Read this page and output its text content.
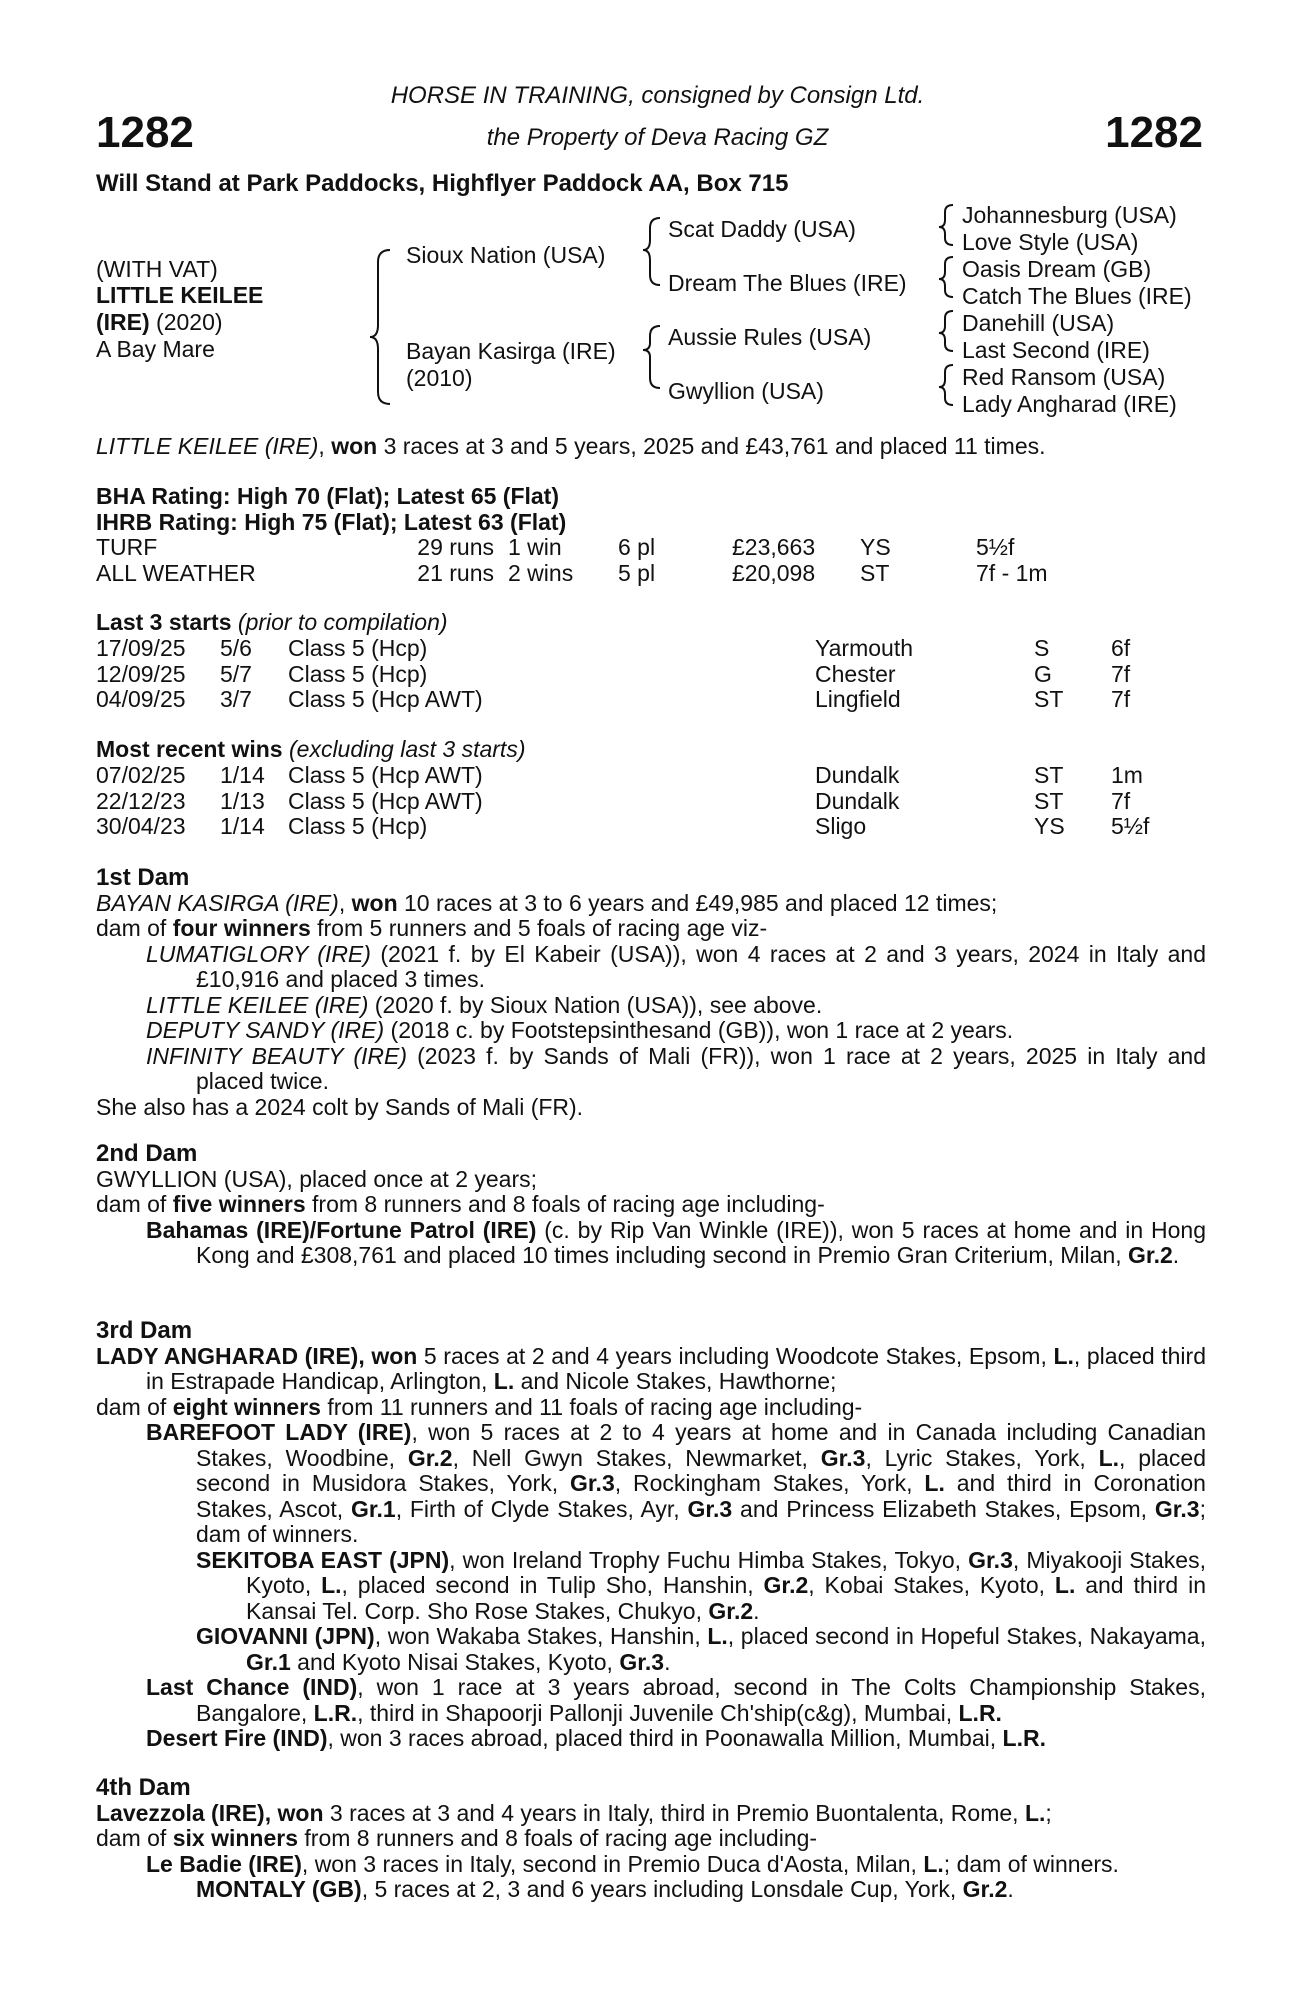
1282	1282
HORSE IN TRAINING, consigned by Consign Ltd.
the Property of Deva Racing GZ
Will Stand at Park Paddocks, Highflyer Paddock AA, Box 715
(WITH VAT)
LITTLE KEILEE
(IRE) (2020)
A Bay Mare
Sioux Nation (USA)
Bayan Kasirga (IRE)
(2010)
Scat Daddy (USA)
Dream The Blues (IRE)
Aussie Rules (USA)
Gwyllion (USA)
Johannesburg (USA)
Love Style (USA)
Oasis Dream (GB)
Catch The Blues (IRE)
Danehill (USA)
Last Second (IRE)
Red Ransom (USA)
Lady Angharad (IRE)
LITTLE KEILEE (IRE), won 3 races at 3 and 5 years, 2025 and £43,761 and placed 11 times.
BHA Rating: High 70 (Flat); Latest 65 (Flat)
IHRB Rating: High 75 (Flat); Latest 63 (Flat)
TURF	29 runs	1 win	6 pl	£23,663	YS	5½f
ALL WEATHER	21 runs	2 wins	5 pl	£20,098	ST	7f - 1m
Last 3 starts (prior to compilation)
17/09/25	5/6	Class 5 (Hcp)	Yarmouth	S	6f
12/09/25	5/7	Class 5 (Hcp)	Chester	G	7f
04/09/25	3/7	Class 5 (Hcp AWT)	Lingfield	ST	7f
Most recent wins (excluding last 3 starts)
07/02/25	1/14	Class 5 (Hcp AWT)	Dundalk	ST	1m
22/12/23	1/13	Class 5 (Hcp AWT)	Dundalk	ST	7f
30/04/23	1/14	Class 5 (Hcp)	Sligo	YS	5½f

1st Dam

BAYAN KASIRGA (IRE), won 10 races at 3 to 6 years and £49,985 and placed 12 times;

dam of four winners from 5 runners and 5 foals of racing age viz-

LUMATIGLORY (IRE) (2021 f. by El Kabeir (USA)), won 4 races at 2 and 3 years, 2024 in Italy and £10,916 and placed 3 times.

LITTLE KEILEE (IRE) (2020 f. by Sioux Nation (USA)), see above.

DEPUTY SANDY (IRE) (2018 c. by Footstepsinthesand (GB)), won 1 race at 2 years.

INFINITY BEAUTY (IRE) (2023 f. by Sands of Mali (FR)), won 1 race at 2 years, 2025 in Italy and placed twice.

She also has a 2024 colt by Sands of Mali (FR).

2nd Dam

GWYLLION (USA), placed once at 2 years;

dam of five winners from 8 runners and 8 foals of racing age including-

Bahamas (IRE)/Fortune Patrol (IRE) (c. by Rip Van Winkle (IRE)), won 5 races at home and in Hong Kong and £308,761 and placed 10 times including second in Premio Gran Criterium, Milan, Gr.2.

3rd Dam

LADY ANGHARAD (IRE), won 5 races at 2 and 4 years including Woodcote Stakes, Epsom, L., placed third in Estrapade Handicap, Arlington, L. and Nicole Stakes, Hawthorne;

dam of eight winners from 11 runners and 11 foals of racing age including-

BAREFOOT LADY (IRE), won 5 races at 2 to 4 years at home and in Canada including Canadian Stakes, Woodbine, Gr.2, Nell Gwyn Stakes, Newmarket, Gr.3, Lyric Stakes, York, L., placed second in Musidora Stakes, York, Gr.3, Rockingham Stakes, York, L. and third in Coronation Stakes, Ascot, Gr.1, Firth of Clyde Stakes, Ayr, Gr.3 and Princess Elizabeth Stakes, Epsom, Gr.3; dam of winners.

SEKITOBA EAST (JPN), won Ireland Trophy Fuchu Himba Stakes, Tokyo, Gr.3, Miyakooji Stakes, Kyoto, L., placed second in Tulip Sho, Hanshin, Gr.2, Kobai Stakes, Kyoto, L. and third in Kansai Tel. Corp. Sho Rose Stakes, Chukyo, Gr.2.

GIOVANNI (JPN), won Wakaba Stakes, Hanshin, L., placed second in Hopeful Stakes, Nakayama, Gr.1 and Kyoto Nisai Stakes, Kyoto, Gr.3.

Last Chance (IND), won 1 race at 3 years abroad, second in The Colts Championship Stakes, Bangalore, L.R., third in Shapoorji Pallonji Juvenile Ch'ship(c&g), Mumbai, L.R.

Desert Fire (IND), won 3 races abroad, placed third in Poonawalla Million, Mumbai, L.R.

4th Dam

Lavezzola (IRE), won 3 races at 3 and 4 years in Italy, third in Premio Buontalenta, Rome, L.;

dam of six winners from 8 runners and 8 foals of racing age including-

Le Badie (IRE), won 3 races in Italy, second in Premio Duca d'Aosta, Milan, L.; dam of winners.

MONTALY (GB), 5 races at 2, 3 and 6 years including Lonsdale Cup, York, Gr.2.
